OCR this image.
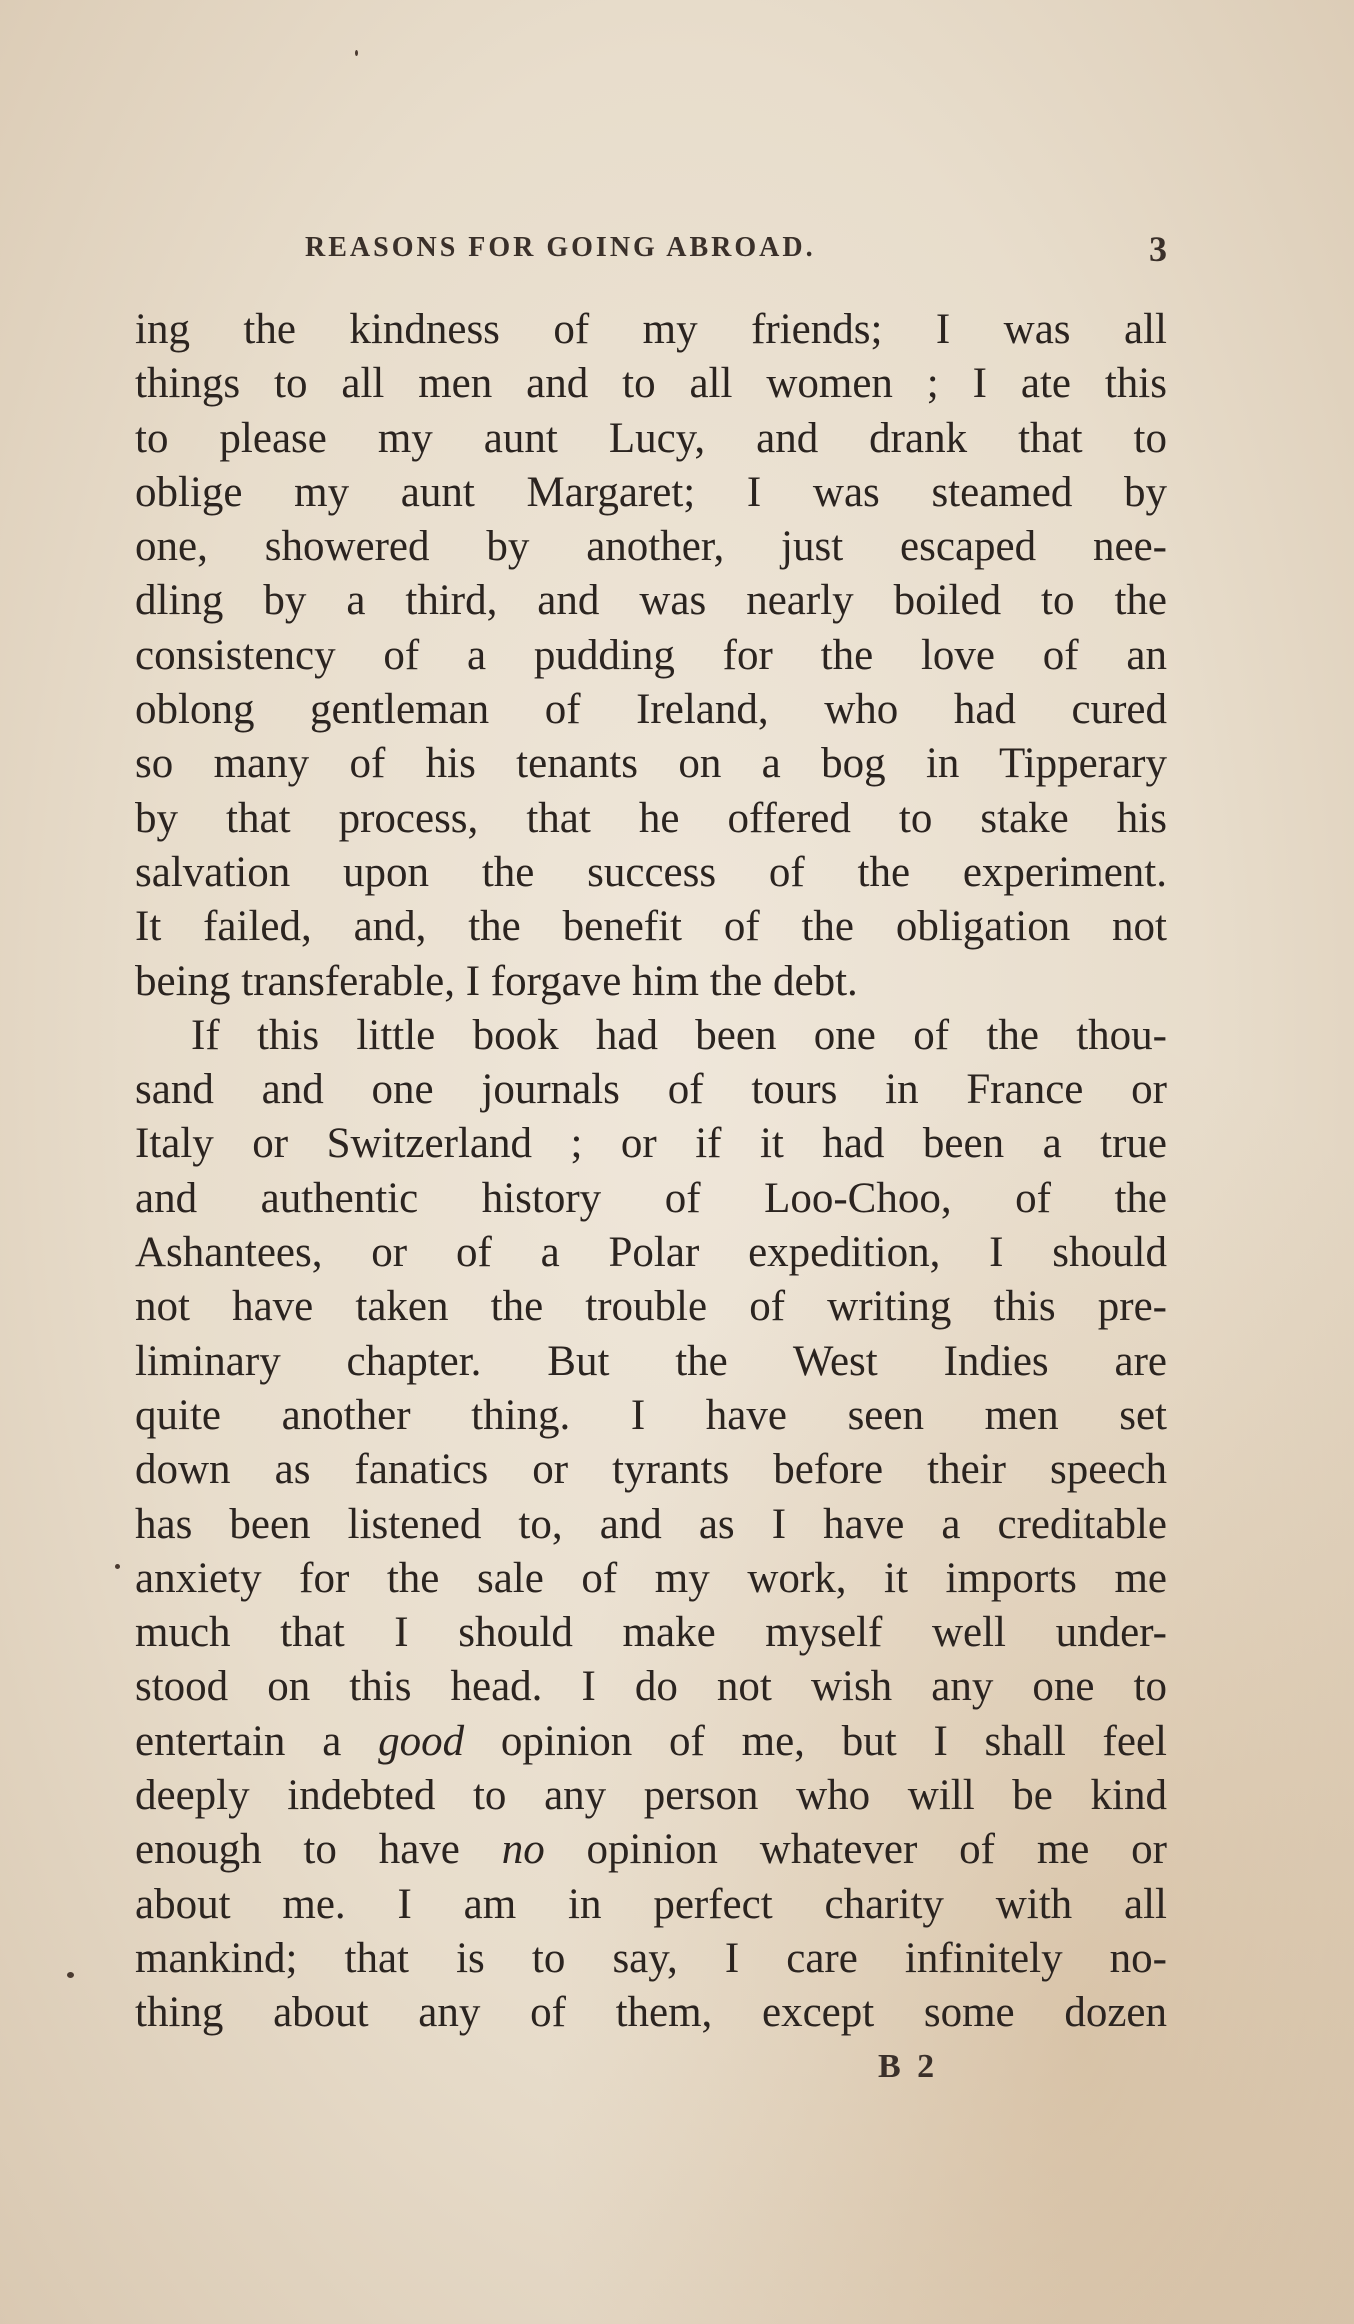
REASONS FOR GOING ABROAD.	3
ing the kindness of my friends; I was all
things to all men and to all women ; I ate this
to please my aunt Lucy, and drank that to
oblige my aunt Margaret; I was steamed by
one, showered by another, just escaped nee-
dling by a third, and was nearly boiled to the
consistency of a pudding for the love of an
oblong gentleman of Ireland, who had cured
so many of his tenants on a bog in Tipperary
by that process, that he offered to stake his
salvation upon the success of the experiment.
It failed, and, the benefit of the obligation not
being transferable, I forgave him the debt.
If this little book had been one of the thou-
sand and one journals of tours in France or
Italy or Switzerland ; or if it had been a true
and authentic history of Loo-Choo, of the
Ashantees, or of a Polar expedition, I should
not have taken the trouble of writing this pre-
liminary chapter. But the West Indies are
quite another thing. I have seen men set
down as fanatics or tyrants before their speech
has been listened to, and as I have a creditable
anxiety for the sale of my work, it imports me
much that I should make myself well under-
stood on this head. I do not wish any one to
entertain a good opinion of me, but I shall feel
deeply indebted to any person who will be kind
enough to have no opinion whatever of me or
about me. I am in perfect charity with all
mankind; that is to say, I care infinitely no-
thing about any of them, except some dozen
B 2
